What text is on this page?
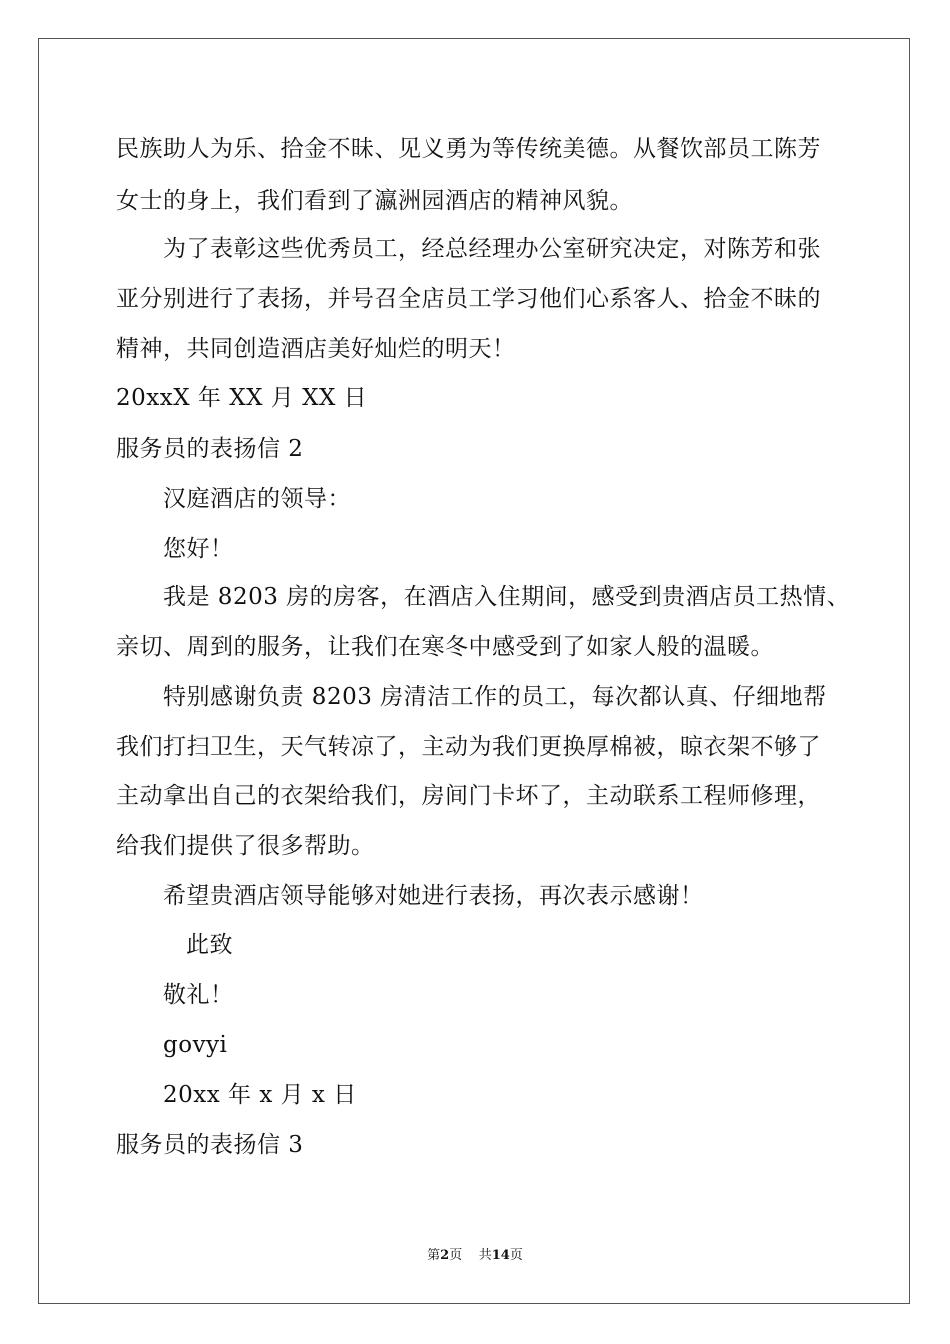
民族助人为乐、拾金不昧、见义勇为等传统美德。从餐饮部员工陈芳
女士的身上，我们看到了瀛洲园酒店的精神风貌。
为了表彰这些优秀员工，经总经理办公室研究决定，对陈芳和张
亚分别进行了表扬，并号召全店员工学习他们心系客人、拾金不昧的
精神，共同创造酒店美好灿烂的明天！
20xxX 年 XX 月 XX 日
服务员的表扬信 2
汉庭酒店的领导：
您好！
我是 8203 房的房客，在酒店入住期间，感受到贵酒店员工热情、
亲切、周到的服务，让我们在寒冬中感受到了如家人般的温暖。
特别感谢负责 8203 房清洁工作的员工，每次都认真、仔细地帮
我们打扫卫生，天气转凉了，主动为我们更换厚棉被，晾衣架不够了
主动拿出自己的衣架给我们，房间门卡坏了，主动联系工程师修理，
给我们提供了很多帮助。
希望贵酒店领导能够对她进行表扬，再次表示感谢！
此致
敬礼！
govyi
20xx 年 x 月 x 日
服务员的表扬信 3
第2页 共14页
